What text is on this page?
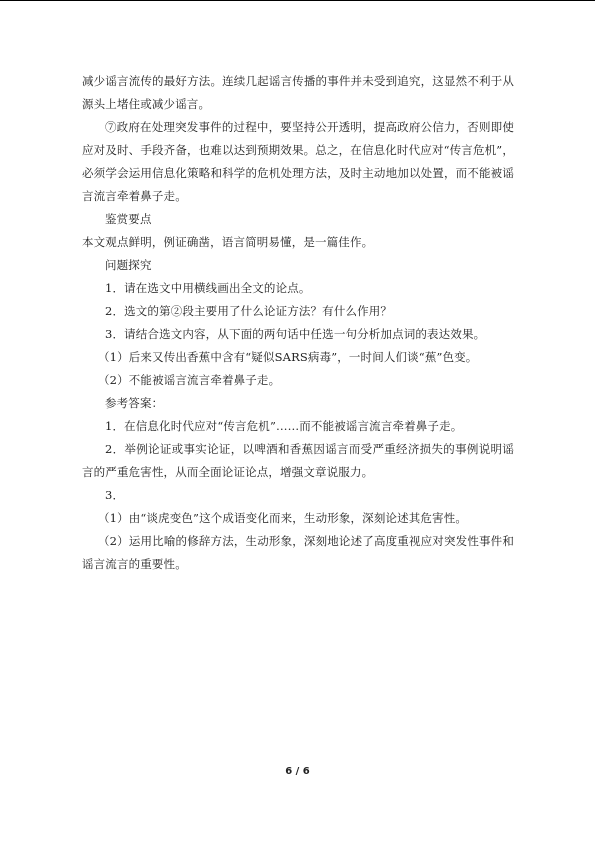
减少谣言流传的最好方法。连续几起谣言传播的事件并未受到追究，这显然不利于从源头上堵住或减少谣言。

⑦政府在处理突发事件的过程中，要坚持公开透明，提高政府公信力，否则即使应对及时、手段齐备，也难以达到预期效果。总之，在信息化时代应对“传言危机”，必须学会运用信息化策略和科学的危机处理方法，及时主动地加以处置，而不能被谣言流言牵着鼻子走。

鉴赏要点

本文观点鲜明，例证确凿，语言简明易懂，是一篇佳作。

问题探究

1．请在选文中用横线画出全文的论点。

2．选文的第②段主要用了什么论证方法？有什么作用？

3．请结合选文内容，从下面的两句话中任选一句分析加点词的表达效果。

（1）后来又传出香蕉中含有“疑似SARS病毒”，一时间人们谈“蕉”色变。

（2）不能被谣言流言牵着鼻子走。

参考答案：

1．在信息化时代应对“传言危机”……而不能被谣言流言牵着鼻子走。

2．举例论证或事实论证，以啤酒和香蕉因谣言而受严重经济损失的事例说明谣言的严重危害性，从而全面论证论点，增强文章说服力。

3．

（1）由“谈虎变色”这个成语变化而来，生动形象，深刻论述其危害性。

（2）运用比喻的修辞方法，生动形象，深刻地论述了高度重视应对突发性事件和谣言流言的重要性。

6 / 6
